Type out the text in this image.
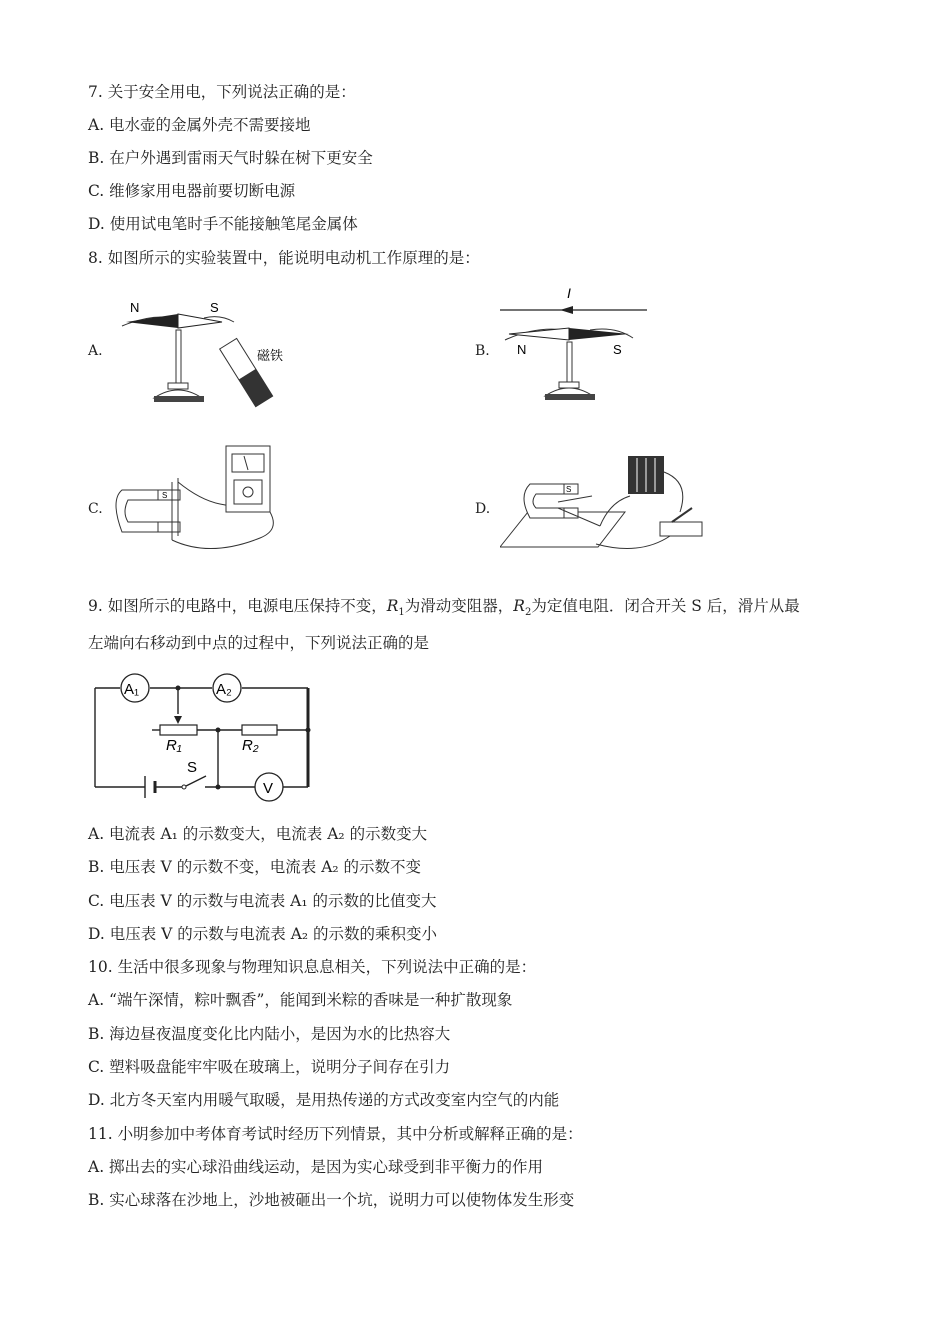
7. 关于安全用电，下列说法正确的是：
A. 电水壶的金属外壳不需要接地
B. 在户外遇到雷雨天气时躲在树下更安全
C. 维修家用电器前要切断电源
D. 使用试电笔时手不能接触笔尾金属体
8. 如图所示的实验装置中，能说明电动机工作原理的是：
A.	B.
C.	D.
N	S
磁铁
I
N	S
S
S
9. 如图所示的电路中，电源电压保持不变，$R_1$为滑动变阻器，$R_2$为定值电阻．闭合开关 S 后，滑片从最
左端向右移动到中点的过程中，下列说法正确的是
A₁	A₂
V
R₁	R₂
S
A. 电流表 A₁ 的示数变大，电流表 A₂ 的示数变大
B. 电压表 V 的示数不变，电流表 A₂ 的示数不变
C. 电压表 V 的示数与电流表 A₁ 的示数的比值变大
D. 电压表 V 的示数与电流表 A₂ 的示数的乘积变小
10. 生活中很多现象与物理知识息息相关，下列说法中正确的是：
A. “端午深情，粽叶飘香”，能闻到米粽的香味是一种扩散现象
B. 海边昼夜温度变化比内陆小，是因为水的比热容大
C. 塑料吸盘能牢牢吸在玻璃上，说明分子间存在引力
D. 北方冬天室内用暖气取暖，是用热传递的方式改变室内空气的内能
11. 小明参加中考体育考试时经历下列情景，其中分析或解释正确的是：
A. 掷出去的实心球沿曲线运动，是因为实心球受到非平衡力的作用
B. 实心球落在沙地上，沙地被砸出一个坑，说明力可以使物体发生形变
